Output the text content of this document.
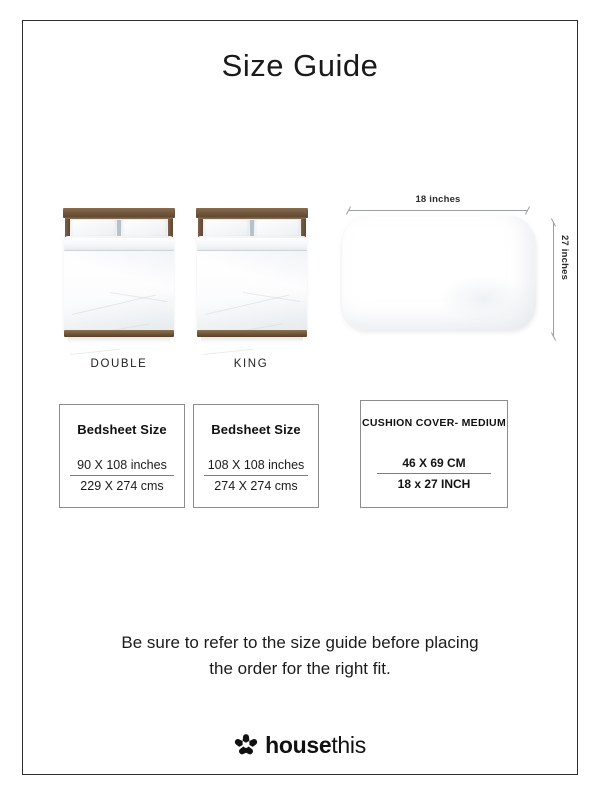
Size Guide
DOUBLE	KING
18 inches
27 inches
Bedsheet Size
90 X 108 inches
229 X 274 cms
Bedsheet Size
108 X 108 inches
274 X 274 cms
CUSHION COVER- MEDIUM
46 X 69 CM
18 x 27 INCH
Be sure to refer to the size guide before placing
the order for the right fit.
housethis
